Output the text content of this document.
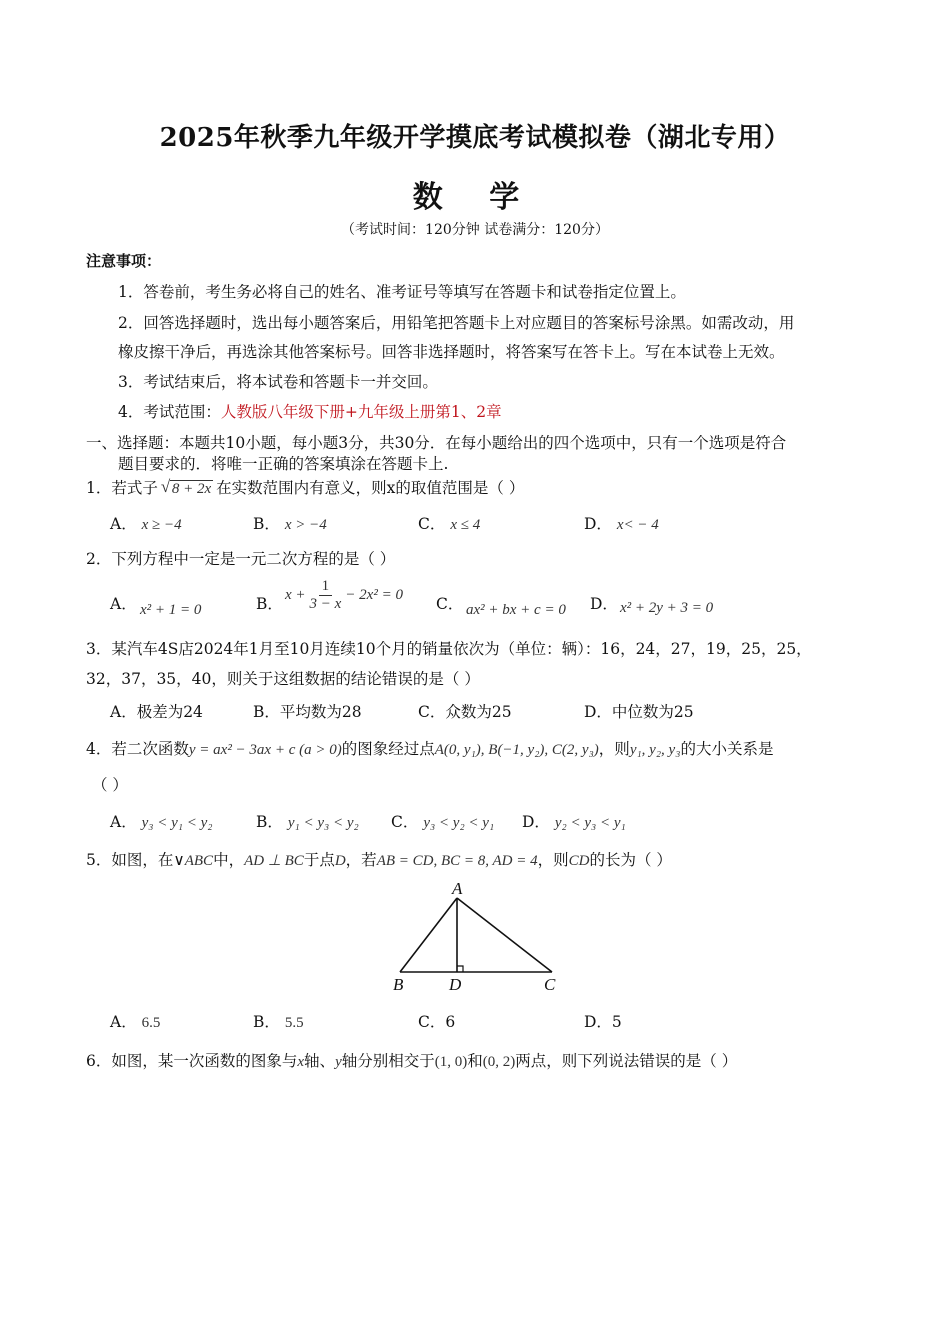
2025年秋季九年级开学摸底考试模拟卷（湖北专用）
数 学
（考试时间：120分钟 试卷满分：120分）
注意事项：
1．答卷前，考生务必将自己的姓名、准考证号等填写在答题卡和试卷指定位置上。
2．回答选择题时，选出每小题答案后，用铅笔把答题卡上对应题目的答案标号涂黑。如需改动，用
橡皮擦干净后，再选涂其他答案标号。回答非选择题时，将答案写在答卡上。写在本试卷上无效。
3．考试结束后，将本试卷和答题卡一并交回。
4．考试范围：人教版八年级下册+九年级上册第1、2章
一、选择题：本题共10小题，每小题3分，共30分．在每小题给出的四个选项中，只有一个选项是符合
题目要求的．将唯一正确的答案填涂在答题卡上.
1．若式子 √ 8 + 2x 在实数范围内有意义，则x的取值范围是（ ）
A． x ≥ −4	B． x > −4	C． x ≤ 4	D． x< − 4
2．下列方程中一定是一元二次方程的是（ ）
A． x² + 1 = 0	B． $x + \frac{1}{3 - x} - 2x^2 = 0$ C． ax² + bx + c = 0 D． x² + 2y + 3 = 0
3．某汽车4S店2024年1月至10月连续10个月的销量依次为（单位：辆）：16，24，27，19，25，25，
32，37，35，40，则关于这组数据的结论错误的是（ ）
A．极差为24	B．平均数为28	C．众数为25	D．中位数为25
4．若二次函数y = ax² − 3ax + c (a > 0)的图象经过点A(0, y₁), B(−1, y₂), C(2, y₃)，则y₁, y₂, y₃的大小关系是
（ ）
A． y₃ < y₁ < y₂	B． y₁ < y₃ < y₂ C． y₃ < y₂ < y₁ D． y₂ < y₃ < y₁
5．如图，在∨ABC中，AD ⊥ BC于点D，若AB = CD, BC = 8, AD = 4，则CD的长为（ ）
A
B	D	C
A． 6.5	B． 5.5	C．6	D．5
6．如图，某一次函数的图象与x轴、y轴分别相交于(1, 0)和(0, 2)两点，则下列说法错误的是（ ）
